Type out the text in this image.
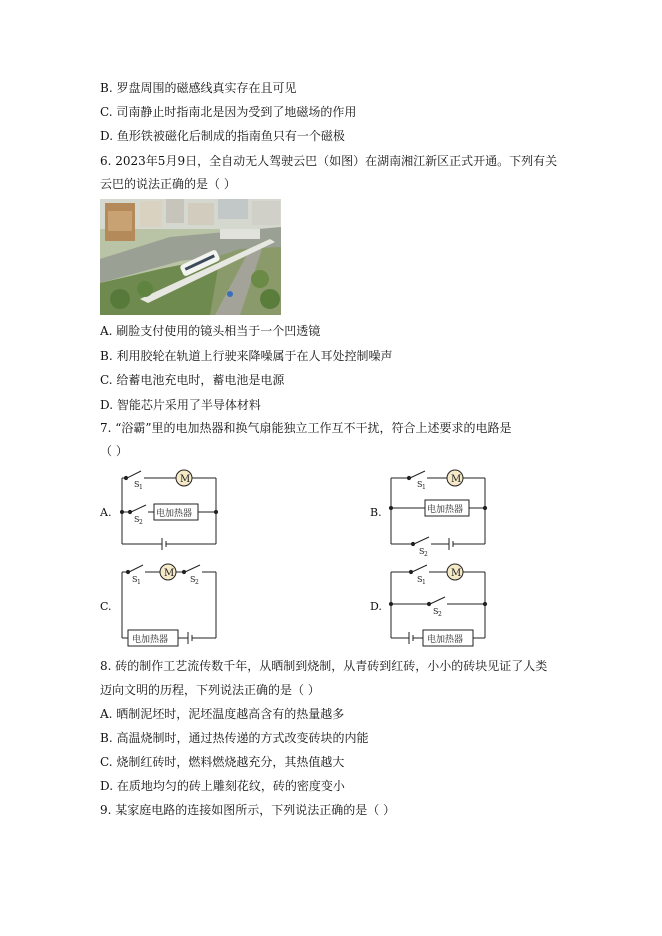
B. 罗盘周围的磁感线真实存在且可见
C. 司南静止时指南北是因为受到了地磁场的作用
D. 鱼形铁被磁化后制成的指南鱼只有一个磁极
6. 2023年5月9日，全自动无人驾驶云巴（如图）在湖南湘江新区正式开通。下列有关
云巴的说法正确的是（ ）
A. 刷脸支付使用的镜头相当于一个凹透镜
B. 利用胶轮在轨道上行驶来降噪属于在人耳处控制噪声
C. 给蓄电池充电时，蓄电池是电源
D. 智能芯片采用了半导体材料
7. “浴霸”里的电加热器和换气扇能独立工作互不干扰，符合上述要求的电路是
（ ）
A.
M
电加热器
S 1
S 2
B.
M
电加热器
S 1
S 2
C.
M
电加热器
S 1	S 2
D.
M
电加热器
S 1
S 2
8. 砖的制作工艺流传数千年，从晒制到烧制，从青砖到红砖，小小的砖块见证了人类
迈向文明的历程，下列说法正确的是（ ）
A. 晒制泥坯时，泥坯温度越高含有的热量越多
B. 高温烧制时，通过热传递的方式改变砖块的内能
C. 烧制红砖时，燃料燃烧越充分，其热值越大
D. 在质地均匀的砖上雕刻花纹，砖的密度变小
9. 某家庭电路的连接如图所示，下列说法正确的是（ ）
